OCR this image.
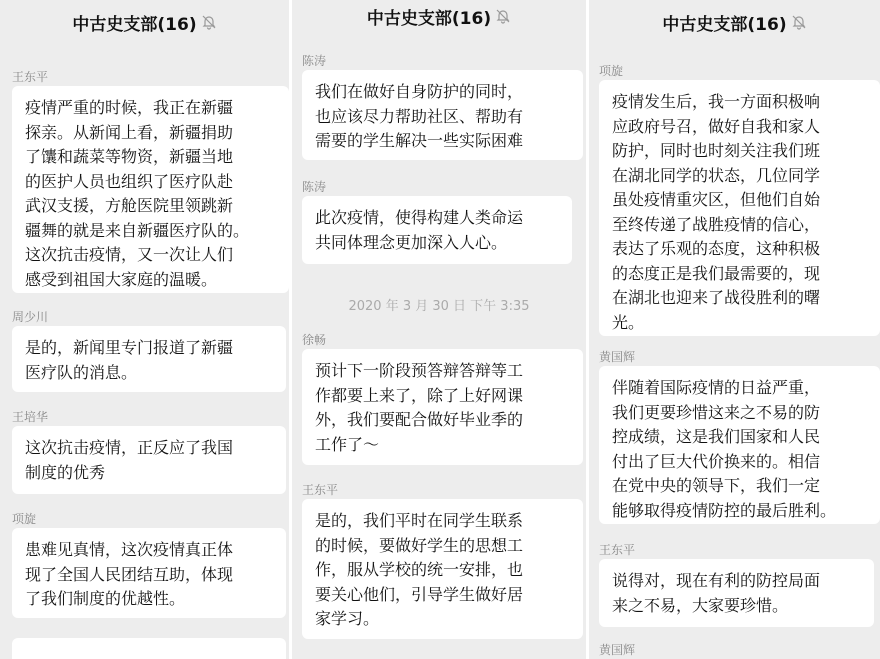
中古史支部(16)
王东平
疫情严重的时候，我正在新疆
探亲。从新闻上看，新疆捐助
了馕和蔬菜等物资，新疆当地
的医护人员也组织了医疗队赴
武汉支援，方舱医院里领跳新
疆舞的就是来自新疆医疗队的。
这次抗击疫情，又一次让人们
感受到祖国大家庭的温暖。
周少川
是的，新闻里专门报道了新疆
医疗队的消息。
王培华
这次抗击疫情，正反应了我国
制度的优秀
项旋
患难见真情，这次疫情真正体
现了全国人民团结互助，体现
了我们制度的优越性。
中古史支部(16)
陈涛
我们在做好自身防护的同时，
也应该尽力帮助社区、帮助有
需要的学生解决一些实际困难
陈涛
此次疫情，使得构建人类命运
共同体理念更加深入人心。
2020 年 3 月 30 日 下午 3:35
徐畅
预计下一阶段预答辩答辩等工
作都要上来了，除了上好网课
外，我们要配合做好毕业季的
工作了～
王东平
是的，我们平时在同学生联系
的时候，要做好学生的思想工
作，服从学校的统一安排，也
要关心他们，引导学生做好居
家学习。
中古史支部(16)
项旋
疫情发生后，我一方面积极响
应政府号召，做好自我和家人
防护，同时也时刻关注我们班
在湖北同学的状态，几位同学
虽处疫情重灾区，但他们自始
至终传递了战胜疫情的信心，
表达了乐观的态度，这种积极
的态度正是我们最需要的，现
在湖北也迎来了战役胜利的曙
光。
黄国辉
伴随着国际疫情的日益严重，
我们更要珍惜这来之不易的防
控成绩，这是我们国家和人民
付出了巨大代价换来的。相信
在党中央的领导下，我们一定
能够取得疫情防控的最后胜利。
王东平
说得对，现在有利的防控局面
来之不易，大家要珍惜。
黄国辉
